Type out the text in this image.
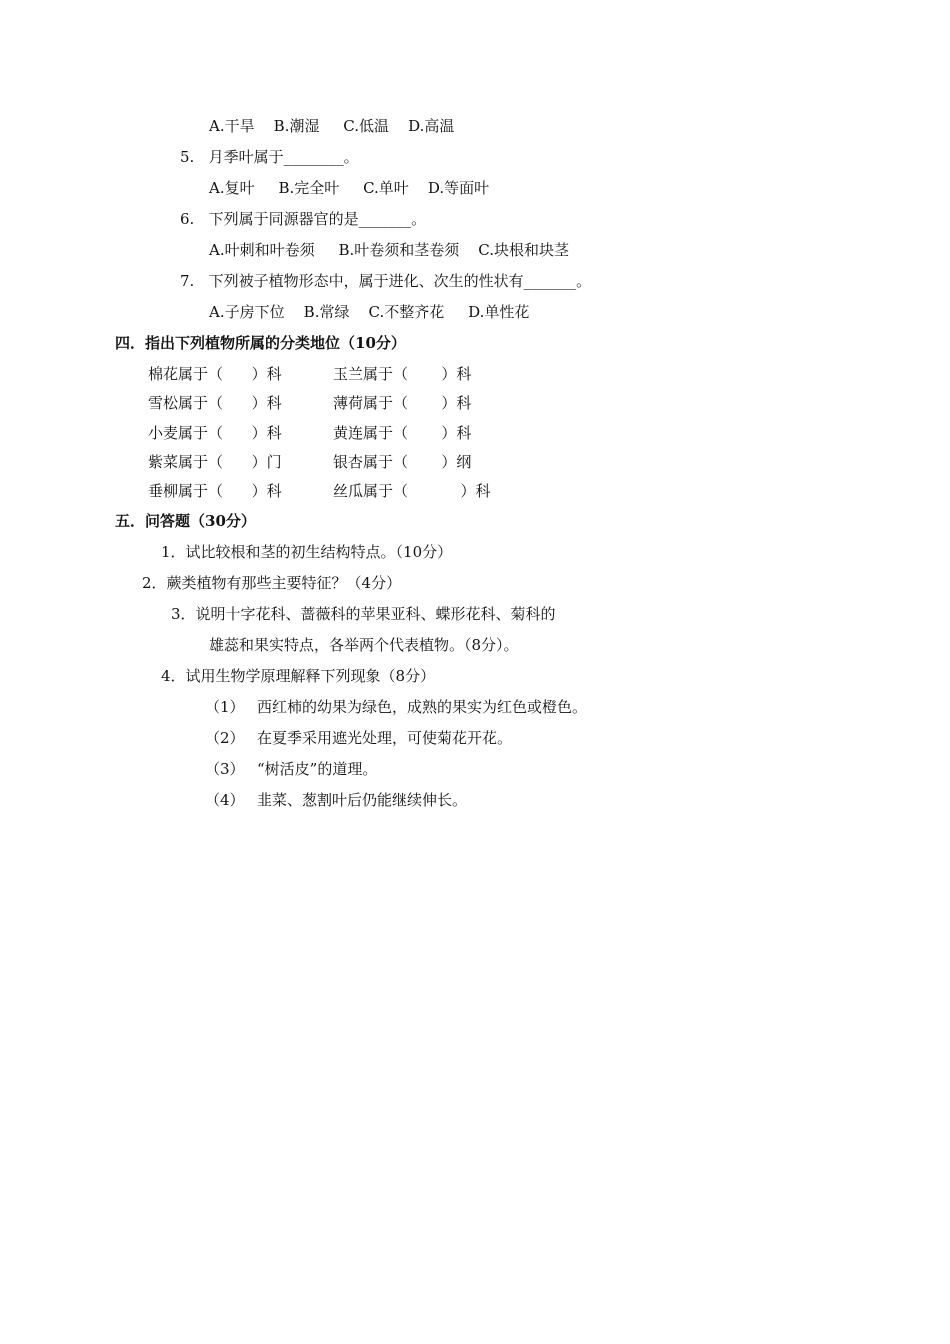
A.干旱    B.潮湿     C.低温    D.高温
5.   月季叶属于________。
A.复叶     B.完全叶     C.单叶    D.等面叶
6.   下列属于同源器官的是_______。
A.叶刺和叶卷须     B.叶卷须和茎卷须    C.块根和块茎
7.   下列被子植物形态中，属于进化、次生的性状有_______。
A.子房下位    B.常绿    C.不整齐花     D.单性花
四．指出下列植物所属的分类地位（10分）
棉花属于（      ）科	玉兰属于（       ）科
雪松属于（      ）科	薄荷属于（       ）科
小麦属于（      ）科	黄连属于（       ）科
紫菜属于（      ）门	银杏属于（       ）纲
垂柳属于（      ）科	丝瓜属于（           ）科
五．问答题（30分）
1．试比较根和茎的初生结构特点。（10分）
2．蕨类植物有那些主要特征？（4分）
3．说明十字花科、蔷薇科的苹果亚科、蝶形花科、菊科的
雄蕊和果实特点，各举两个代表植物。（8分）。
4．试用生物学原理解释下列现象（8分）
（1） 西红柿的幼果为绿色，成熟的果实为红色或橙色。
（2） 在夏季采用遮光处理，可使菊花开花。
（3） “树活皮”的道理。
（4） 韭菜、葱割叶后仍能继续伸长。
